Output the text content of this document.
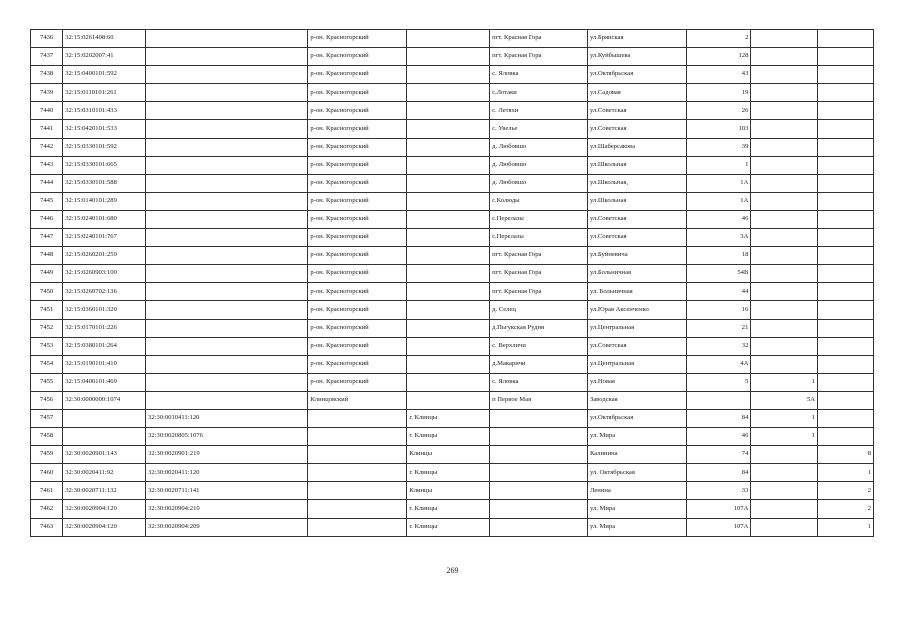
7436	32:15:0261408:60		р-он. Красногорский		пгт. Красная Гора	ул.Брянская	2		
7437	32:15:0202007:41		р-он. Красногорский		пгт. Красная Гора	ул.Куйбышева	128		
7438	32:15:0400101:592		р-он. Красногорский		с. Яловка	ул.Октябрьская	43		
7439	32:15:0110101:261		р-он. Красногорский		с.Лотаки	ул.Садовая	19		
7440	32:15:0310101:433		р-он. Красногорский		с. Летяхи	ул.Советская	26		
7441	32:15:0420101:533		р-он. Красногорский		с. Увелье	ул.Советская	103		
7442	32:15:0330101:592		р-он. Красногорский		д. Любовшо	ул.Шаберсакова	39		
7443	32:15:0330101:665		р-он. Красногорский		д. Любовшо	ул.Школьная	1		
7444	32:15:0330101:588		р-он. Красногорский		д. Любовшо	ул.Школьная,	1А		
7445	32:15:0140101:289		р-он. Красногорский		с.Колюды	ул.Школьная	1А		
7446	32:15:0240101:680		р-он. Красногорский		с.Перелазы	ул.Советская	46		
7447	32:15:0240101:767		р-он. Красногорский		с.Перелазы	ул.Советская	3А		
7448	32:15:0260201:259		р-он. Красногорский		пгт. Красная Гора	ул.Буйневича	18		
7449	32:15:0260903:100		р-он. Красногорский		пгт. Красная Гора	ул.Больничная	54В		
7450	32:15:0260702:136		р-он. Красногорский		пгт. Красная Гора	ул. Больничная	44		
7451	32:15:0360101:320		р-он. Красногорский		д. Селец	ул.Юрая Аксенченко	16		
7452	32:15:0170101:226		р-он. Красногорский		д.Пьгукская Рудня	ул.Центральная	21		
7453	32:15:0380101:264		р-он. Красногорский		с. Верхличи	ул.Советская	32		
7454	32:15:0190101:410		р-он. Красногорский		д.Макаричи	ул.Центральная	4А		
7455	32:15:0400101:469		р-он. Красногорский		с. Яловка	ул.Новая	5	1	
7456	32:30:0000000:1074		Клинцовский		п Первое Мая	Заводская		5А	
7457		32:30:0010411:120		г. Клинцы		ул.Октябрьская	84	1	
7458		32:30:0020805:1076		г. Клинцы		ул. Мира	46	1	
7459	32:30:0020901:143	32:30:0020901:219		Клинцы		Калинина	74		8
7460	32:30:0020411:92	32:30:0020411:120		г. Клинцы		ул. Октябрьская	84		1
7461	32:30:0020711:132	32:30:0020711:141		Клинцы		Ленина	33		2
7462	32:30:0020904:120	32:30:0020904:210		г. Клинцы		ул. Мира	107А		2
7463	32:30:0020904:120	32:30:0020904:209		г. Клинцы		ул. Мира	107А		1
269
